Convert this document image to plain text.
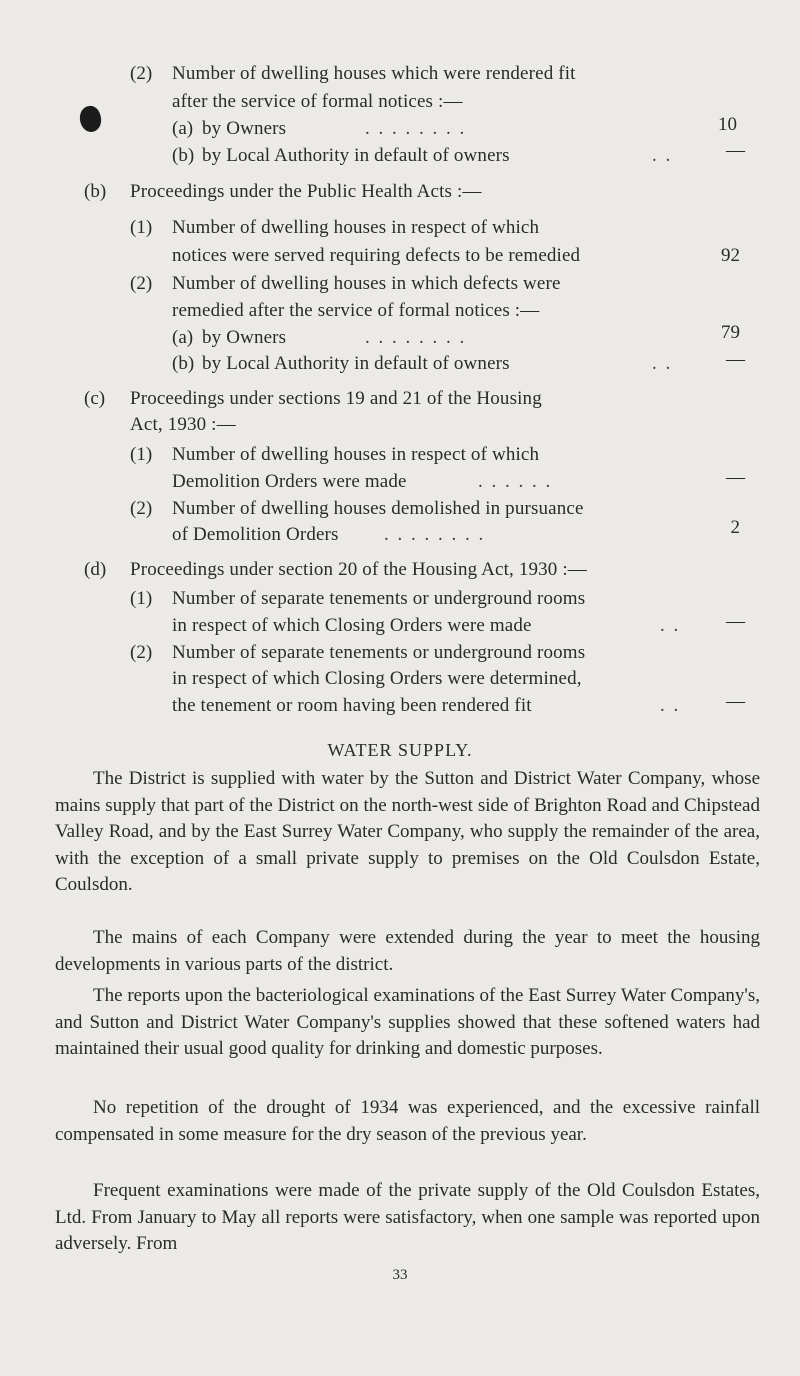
(2) Number of dwelling houses which were rendered fit
after the service of formal notices :—
(a) by Owners	. . . . . . . .	10
(b) by Local Authority in default of owners	. .	—
(b) Proceedings under the Public Health Acts :—
(1) Number of dwelling houses in respect of which
notices were served requiring defects to be remedied	92
(2) Number of dwelling houses in which defects were
remedied after the service of formal notices :—
(a) by Owners	. . . . . . . .	79
(b) by Local Authority in default of owners	. .	—
(c) Proceedings under sections 19 and 21 of the Housing
Act, 1930 :—
(1) Number of dwelling houses in respect of which
Demolition Orders were made	. . . . . .	—
(2) Number of dwelling houses demolished in pursuance
of Demolition Orders . . . . . . . .	2
(d) Proceedings under section 20 of the Housing Act, 1930 :—
(1) Number of separate tenements or underground rooms
in respect of which Closing Orders were made	. .	—
(2) Number of separate tenements or underground rooms
in respect of which Closing Orders were determined,
the tenement or room having been rendered fit	. .	—
WATER SUPPLY.

The District is supplied with water by the Sutton and District Water Company, whose mains supply that part of the District on the north-west side of Brighton Road and Chipstead Valley Road, and by the East Surrey Water Company, who supply the remainder of the area, with the exception of a small private supply to premises on the Old Coulsdon Estate, Coulsdon.

The mains of each Company were extended during the year to meet the housing developments in various parts of the district.

The reports upon the bacteriological examinations of the East Surrey Water Company's, and Sutton and District Water Company's supplies showed that these softened waters had maintained their usual good quality for drinking and domestic purposes.

No repetition of the drought of 1934 was experienced, and the excessive rainfall compensated in some measure for the dry season of the previous year.

Frequent examinations were made of the private supply of the Old Coulsdon Estates, Ltd. From January to May all reports were satisfactory, when one sample was reported upon adversely. From

33
